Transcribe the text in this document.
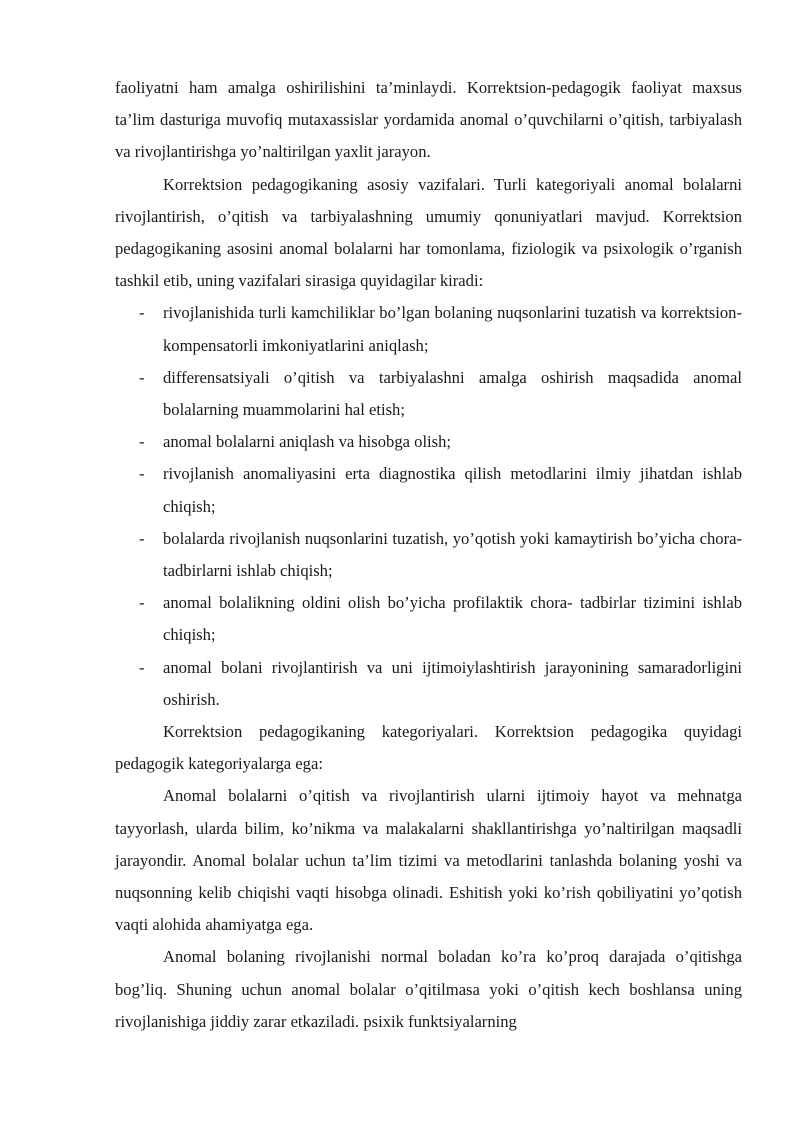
faoliyatni ham amalga oshirilishini ta’minlaydi. Korrektsion-pedagogik faoliyat maxsus ta’lim dasturiga muvofiq mutaxassislar yordamida anomal o’quvchilarni o’qitish, tarbiyalash va rivojlantirishga yo’naltirilgan yaxlit jarayon.

Korrektsion pedagogikaning asosiy vazifalari. Turli kategoriyali anomal bolalarni rivojlantirish, o’qitish va tarbiyalashning umumiy qonuniyatlari mavjud. Korrektsion pedagogikaning asosini anomal bolalarni har tomonlama, fiziologik va psixologik o’rganish tashkil etib, uning vazifalari sirasiga quyidagilar kiradi:

- rivojlanishida turli kamchiliklar bo’lgan bolaning nuqsonlarini tuzatish va korrektsion-kompensatorli imkoniyatlarini aniqlash;
- differensatsiyali o’qitish va tarbiyalashni amalga oshirish maqsadida anomal bolalarning muammolarini hal etish;
- anomal bolalarni aniqlash va hisobga olish;
- rivojlanish anomaliyasini erta diagnostika qilish metodlarini ilmiy jihatdan ishlab chiqish;
- bolalarda rivojlanish nuqsonlarini tuzatish, yo’qotish yoki kamaytirish bo’yicha chora-tadbirlarni ishlab chiqish;
- anomal bolalikning oldini olish bo’yicha profilaktik chora- tadbirlar tizimini ishlab chiqish;
- anomal bolani rivojlantirish va uni ijtimoiylashtirish jarayonining samaradorligini oshirish.

Korrektsion pedagogikaning kategoriyalari. Korrektsion pedagogika quyidagi pedagogik kategoriyalarga ega:

Anomal bolalarni o’qitish va rivojlantirish ularni ijtimoiy hayot va mehnatga tayyorlash, ularda bilim, ko’nikma va malakalarni shakllantirishga yo’naltirilgan maqsadli jarayondir. Anomal bolalar uchun ta’lim tizimi va metodlarini tanlashda bolaning yoshi va nuqsonning kelib chiqishi vaqti hisobga olinadi. Eshitish yoki ko’rish qobiliyatini yo’qotish vaqti alohida ahamiyatga ega.

Anomal bolaning rivojlanishi normal boladan ko’ra ko’proq darajada o’qitishga bog’liq. Shuning uchun anomal bolalar o’qitilmasa yoki o’qitish kech boshlansa uning rivojlanishiga jiddiy zarar etkaziladi. psixik funktsiyalarning
